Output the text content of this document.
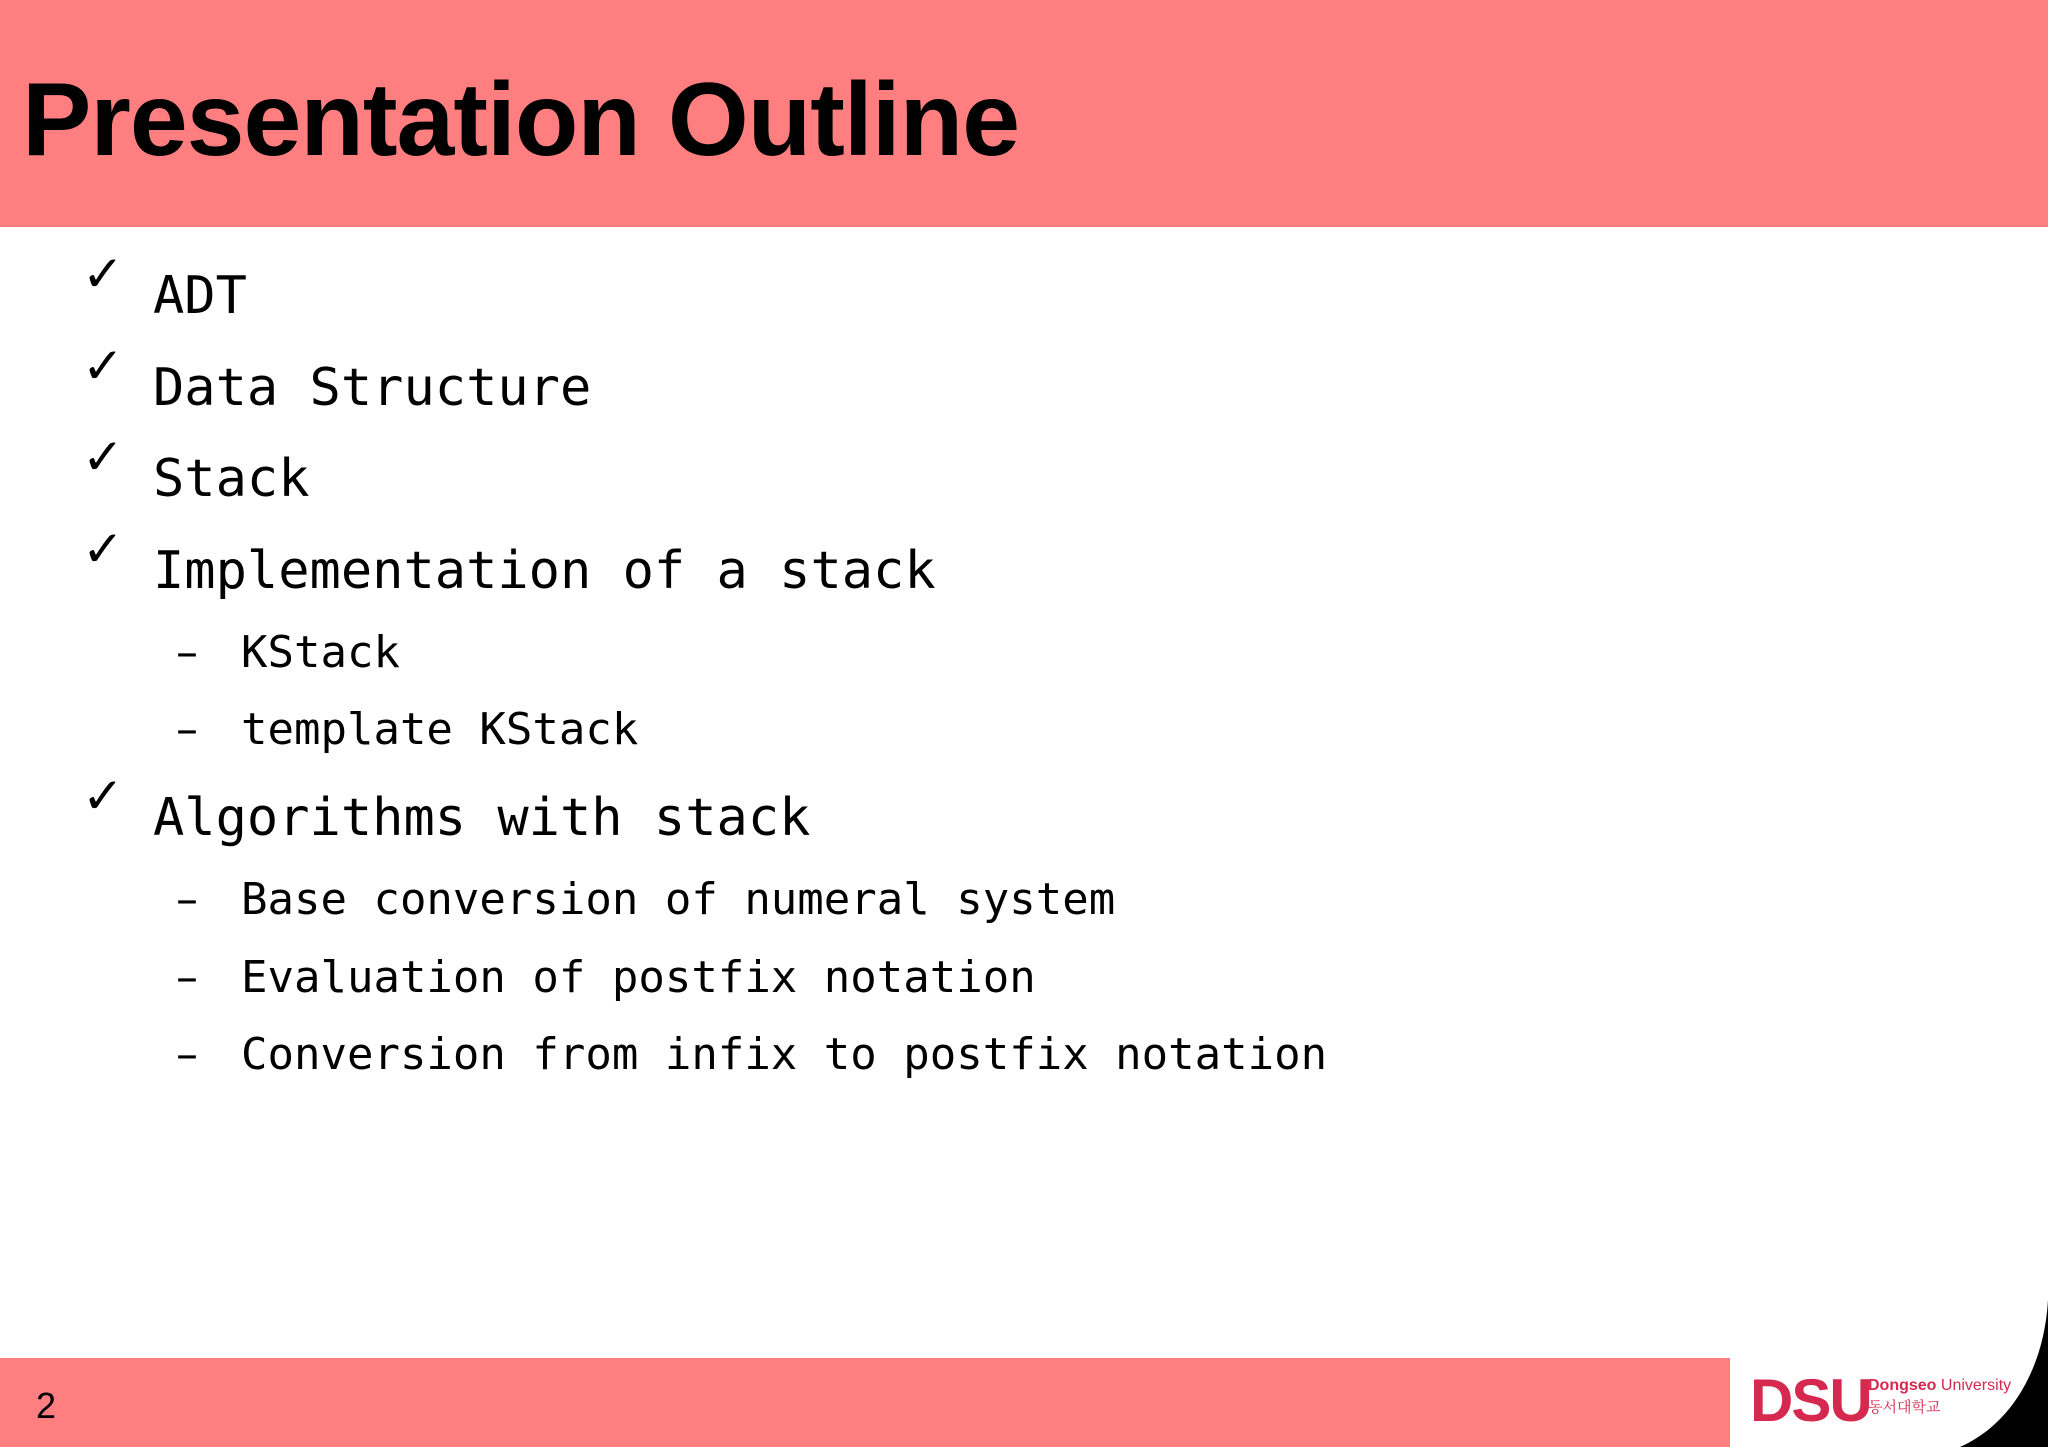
Presentation Outline
✓ ADT
✓ Data Structure
✓ Stack
✓ Implementation of a stack
– KStack
– template KStack
✓ Algorithms with stack
– Base conversion of numeral system
– Evaluation of postfix notation
– Conversion from infix to postfix notation
2	DSU
Dongseo University
동서대학교
